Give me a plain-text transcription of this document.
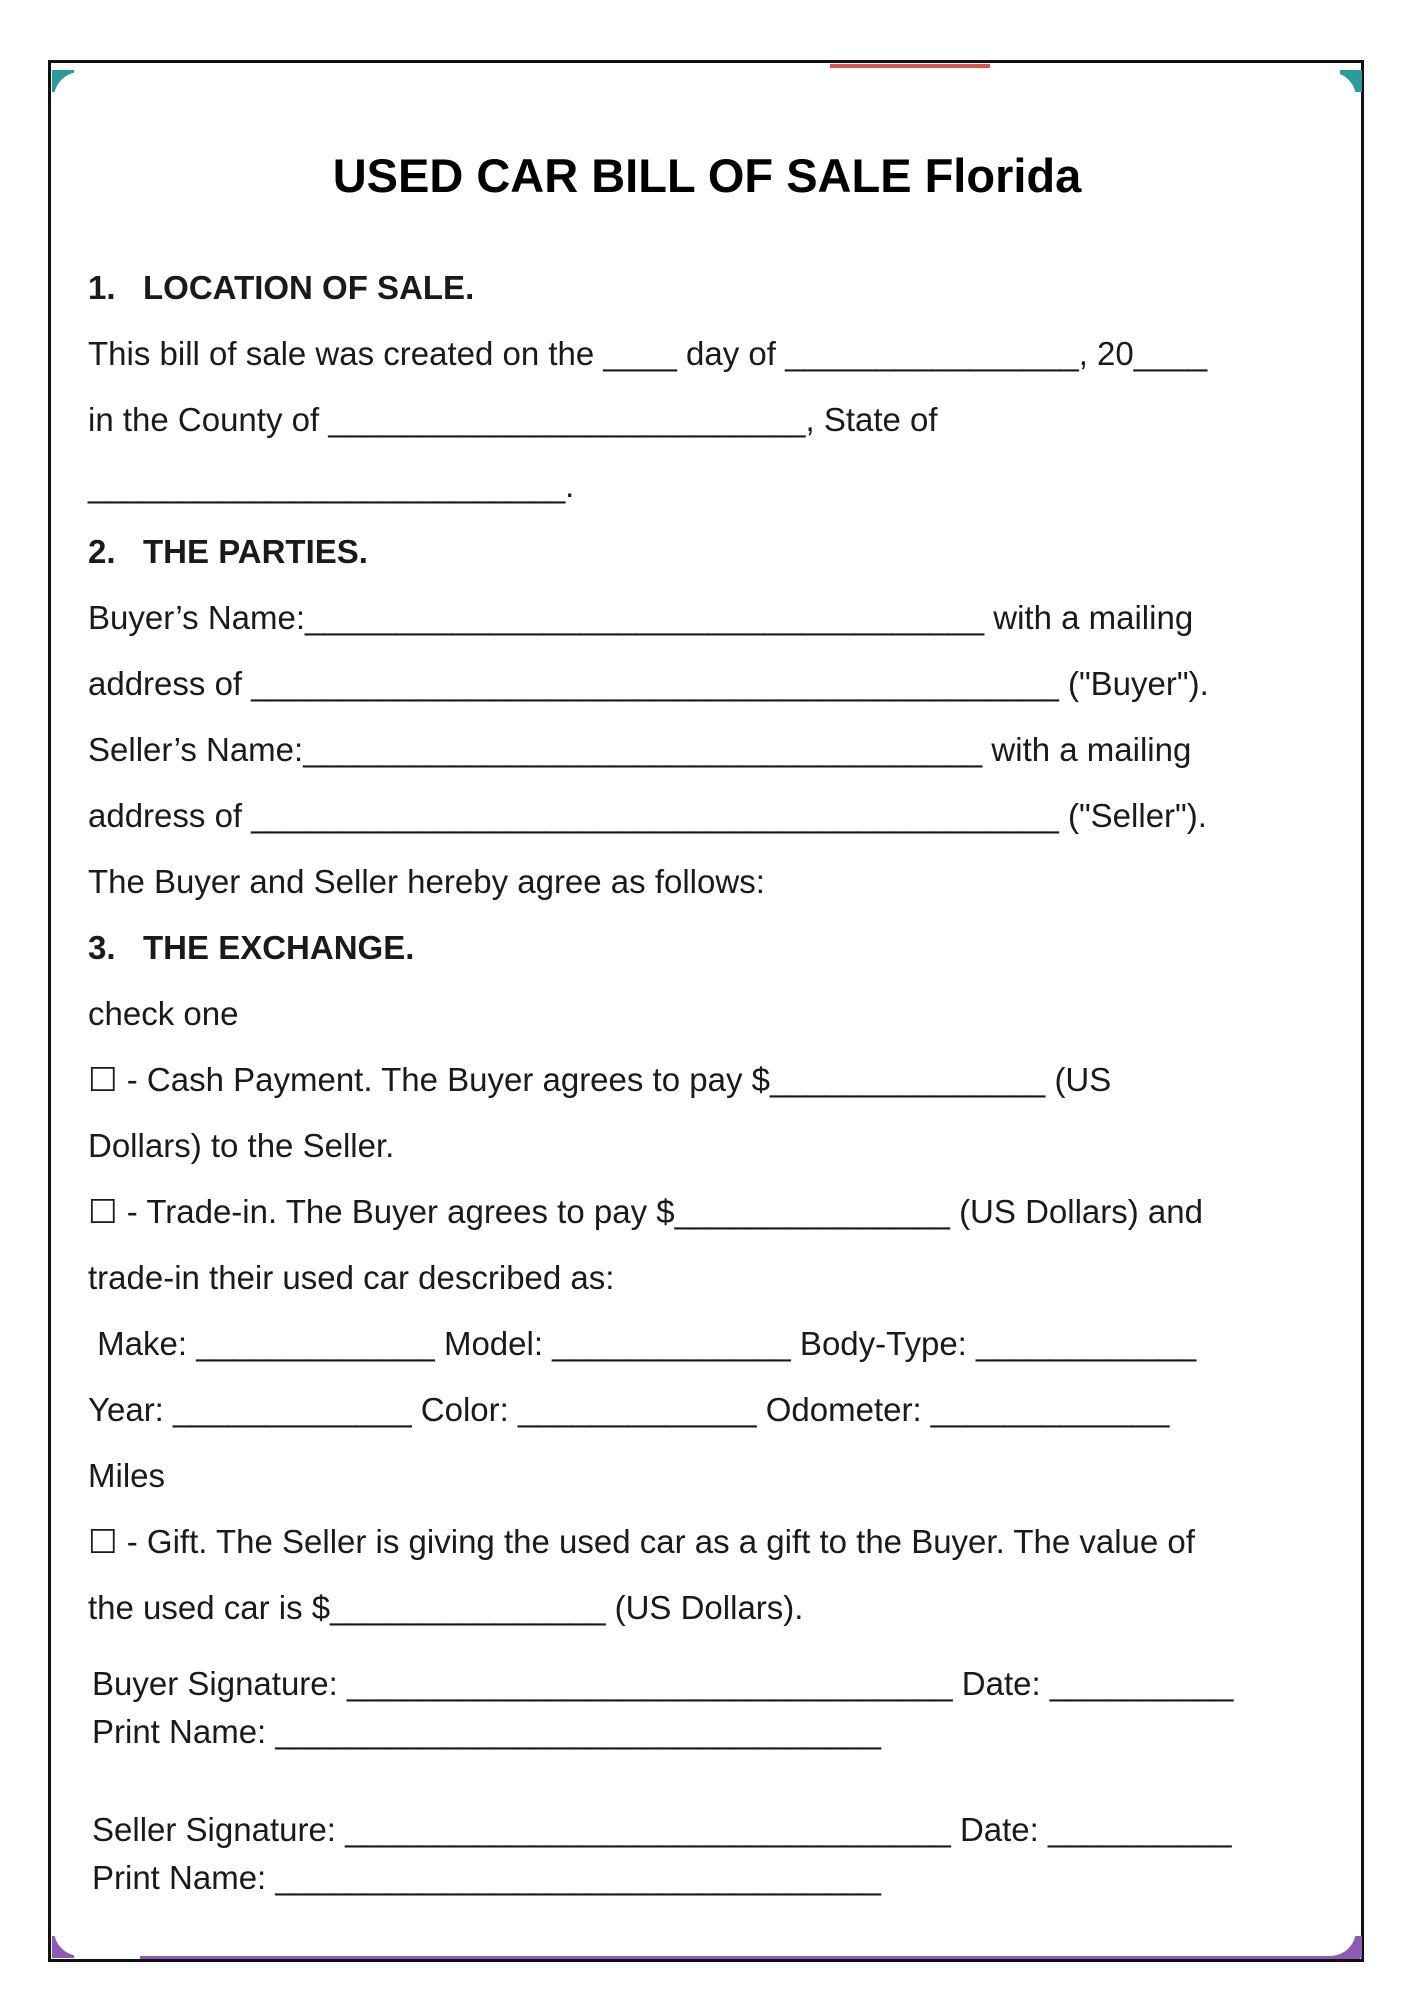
USED CAR BILL OF SALE Florida
1.   LOCATION OF SALE.
This bill of sale was created on the ____ day of ________________, 20____
in the County of __________________________, State of
__________________________.
2.   THE PARTIES.
Buyer’s Name:_____________________________________ with a mailing
address of ____________________________________________ ("Buyer").
Seller’s Name:_____________________________________ with a mailing
address of ____________________________________________ ("Seller").
The Buyer and Seller hereby agree as follows:
3.   THE EXCHANGE.
check one
☐ - Cash Payment. The Buyer agrees to pay $_______________ (US
Dollars) to the Seller.
☐ - Trade-in. The Buyer agrees to pay $_______________ (US Dollars) and
trade-in their used car described as:
Make: _____________ Model: _____________ Body-Type: ____________
Year: _____________ Color: _____________ Odometer: _____________
Miles
☐ - Gift. The Seller is giving the used car as a gift to the Buyer. The value of
the used car is $_______________ (US Dollars).
Buyer Signature: _________________________________ Date: __________
Print Name: _________________________________
Seller Signature: _________________________________ Date: __________
Print Name: _________________________________
